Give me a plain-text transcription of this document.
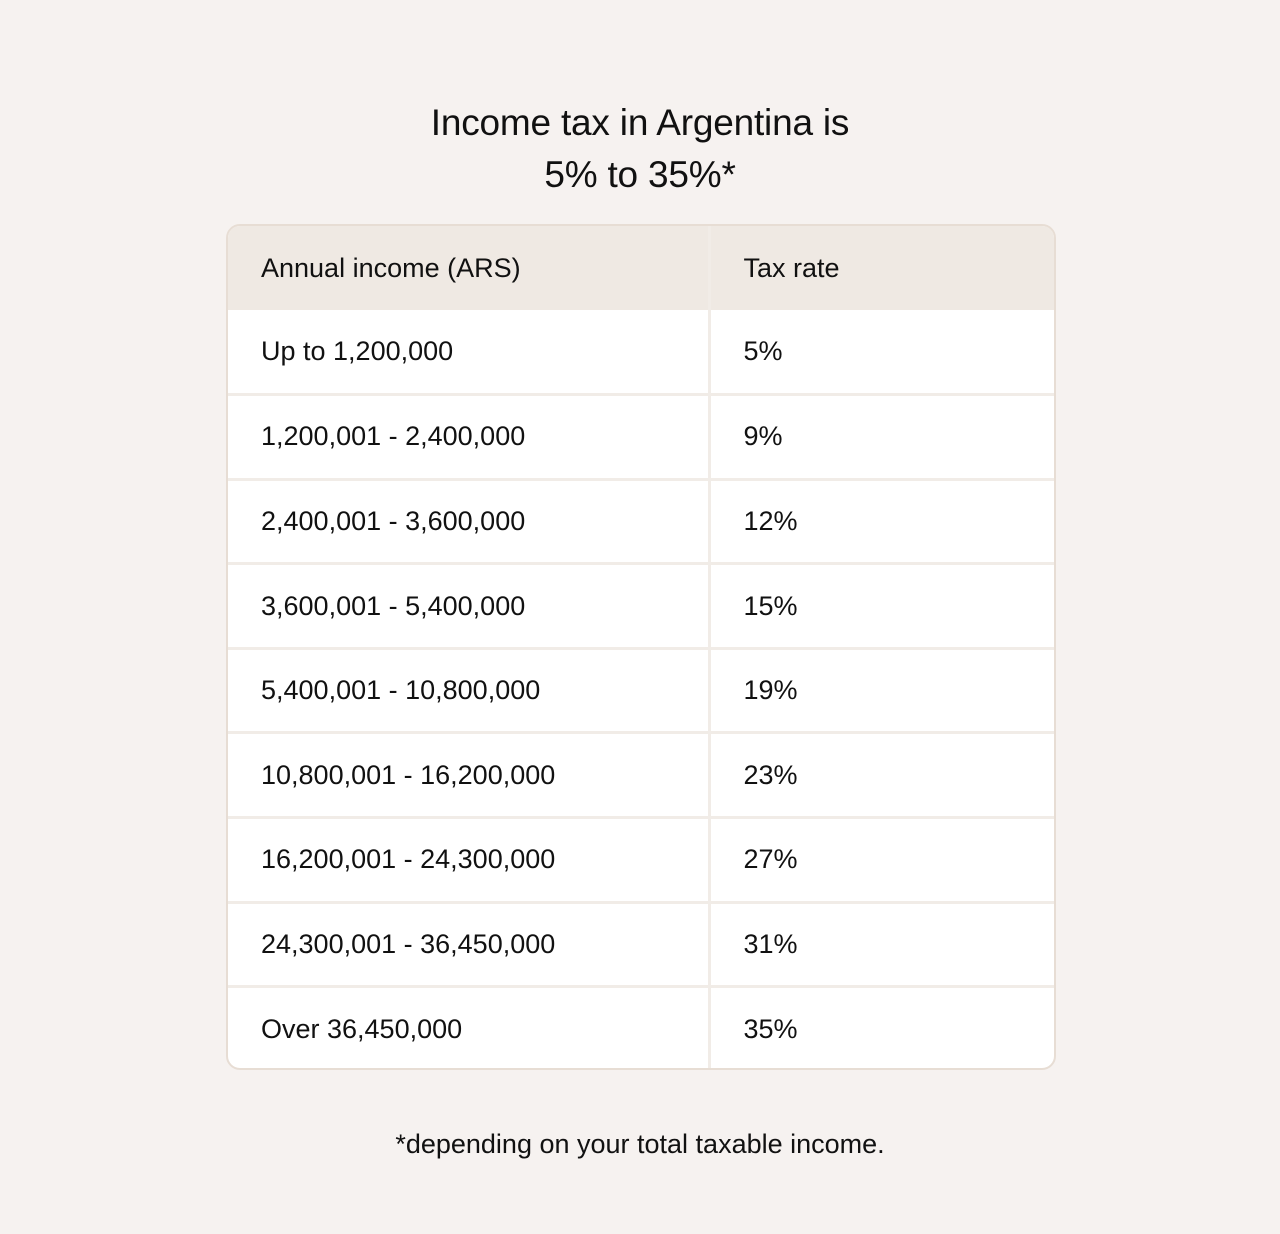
Income tax in Argentina is
5% to 35%*
Annual income (ARS)	Tax rate
Up to 1,200,000	5%
1,200,001 - 2,400,000	9%
2,400,001 - 3,600,000	12%
3,600,001 - 5,400,000	15%
5,400,001 - 10,800,000	19%
10,800,001 - 16,200,000	23%
16,200,001 - 24,300,000	27%
24,300,001 - 36,450,000	31%
Over 36,450,000	35%

*depending on your total taxable income.
